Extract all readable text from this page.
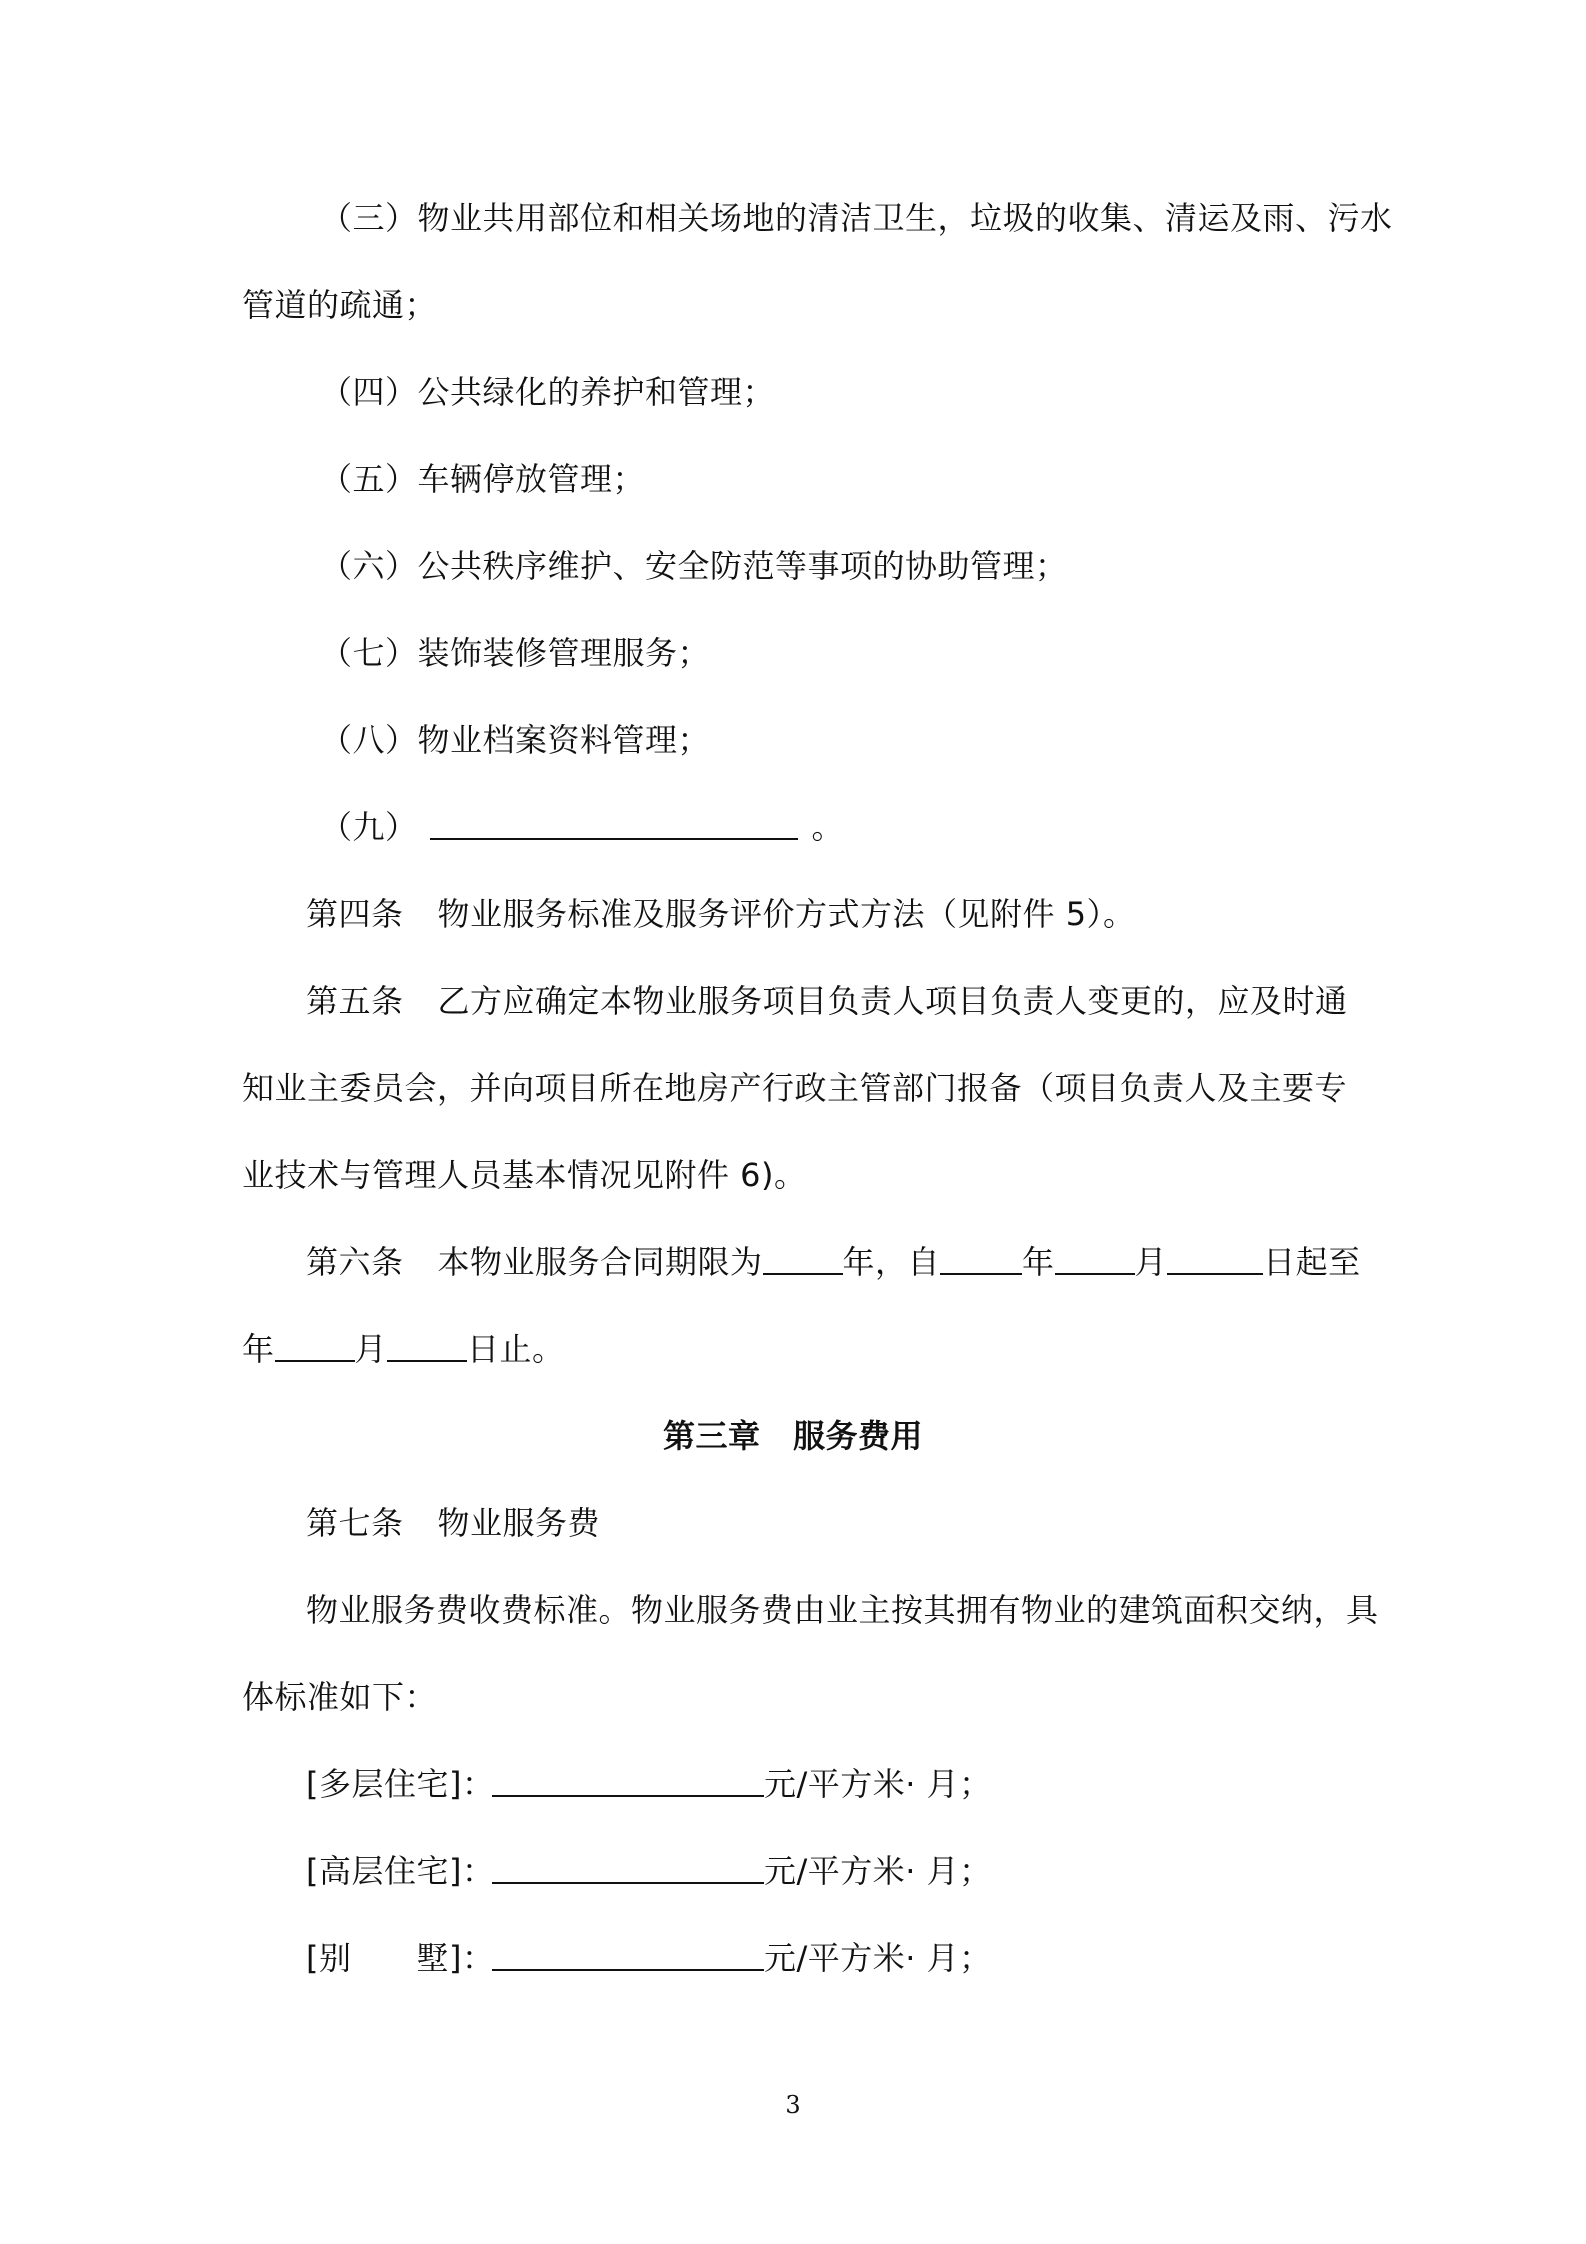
（三）物业共用部位和相关场地的清洁卫生，垃圾的收集、清运及雨、污水
管道的疏通；
（四）公共绿化的养护和管理；
（五）车辆停放管理；
（六）公共秩序维护、安全防范等事项的协助管理；
（七）装饰装修管理服务；
（八）物业档案资料管理；
（九）	。
第四条 物业服务标准及服务评价方式方法（见附件 5）。
第五条 乙方应确定本物业服务项目负责人项目负责人变更的，应及时通
知业主委员会，并向项目所在地房产行政主管部门报备（项目负责人及主要专
业技术与管理人员基本情况见附件 6)。
第六条 本物业服务合同期限为	年，自	年	月	日起至
年	月	日止。
第三章　服务费用
第七条 物业服务费
物业服务费收费标准。物业服务费由业主按其拥有物业的建筑面积交纳，具
体标准如下：
[多层住宅]：	元/平方米· 月；
[高层住宅]：	元/平方米· 月；
[别　　墅]：	元/平方米· 月；
3
